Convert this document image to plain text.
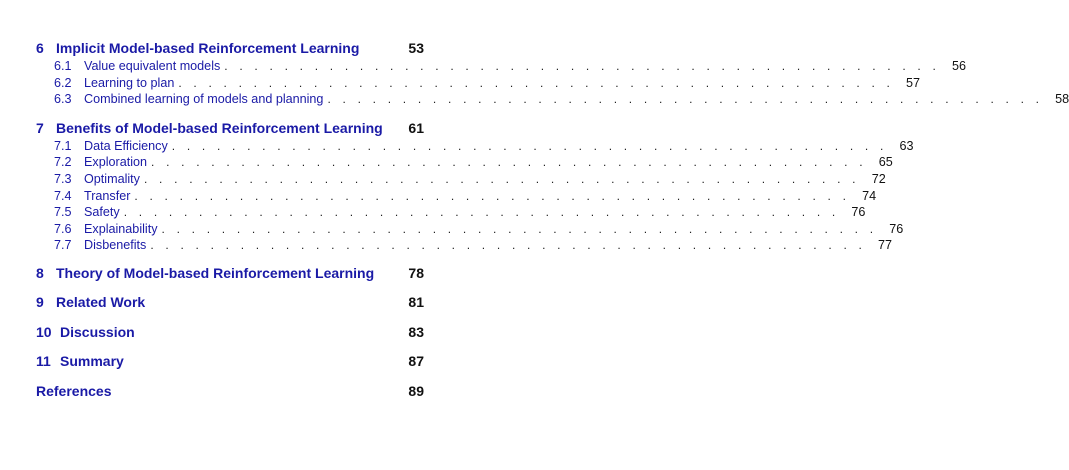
6 Implicit Model-based Reinforcement Learning	53
6.1 Value equivalent models . . . . . . . . . . . . . . . . . . . . . . . . . . . . . . . . . . . . . . . . . . . . . . . . 56
6.2 Learning to plan . . . . . . . . . . . . . . . . . . . . . . . . . . . . . . . . . . . . . . . . . . . . . . . . 57
6.3 Combined learning of models and planning . . . . . . . . . . . . . . . . . . . . . . . . . . . . . . . . . . . . . . . . . . . . . . . . 58
7 Benefits of Model-based Reinforcement Learning	61
7.1 Data Efficiency . . . . . . . . . . . . . . . . . . . . . . . . . . . . . . . . . . . . . . . . . . . . . . . . 63
7.2 Exploration . . . . . . . . . . . . . . . . . . . . . . . . . . . . . . . . . . . . . . . . . . . . . . . . 65
7.3 Optimality . . . . . . . . . . . . . . . . . . . . . . . . . . . . . . . . . . . . . . . . . . . . . . . . 72
7.4 Transfer . . . . . . . . . . . . . . . . . . . . . . . . . . . . . . . . . . . . . . . . . . . . . . . . 74
7.5 Safety . . . . . . . . . . . . . . . . . . . . . . . . . . . . . . . . . . . . . . . . . . . . . . . . 76
7.6 Explainability . . . . . . . . . . . . . . . . . . . . . . . . . . . . . . . . . . . . . . . . . . . . . . . . 76
7.7 Disbenefits . . . . . . . . . . . . . . . . . . . . . . . . . . . . . . . . . . . . . . . . . . . . . . . . 77
8 Theory of Model-based Reinforcement Learning	78
9 Related Work	81
10 Discussion	83
11 Summary	87
References	89
